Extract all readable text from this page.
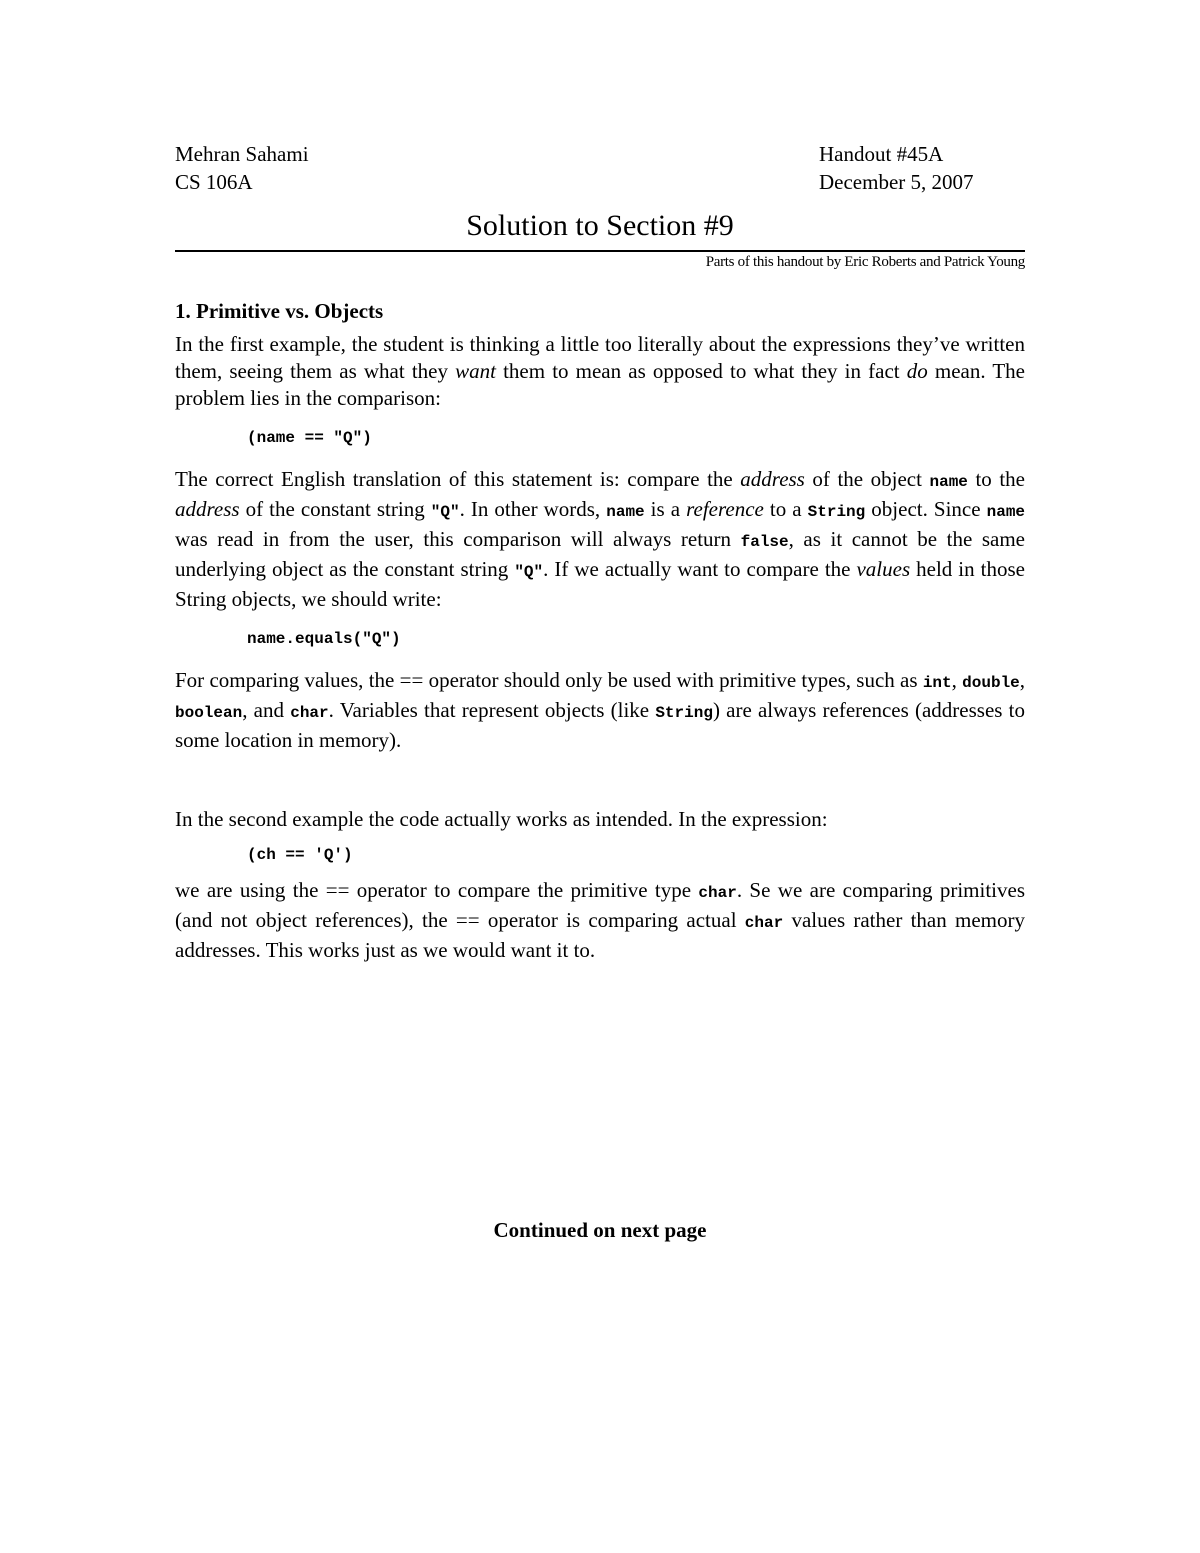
Mehran Sahami	Handout #45A
CS 106A	December 5, 2007
Solution to Section #9
Parts of this handout by Eric Roberts and Patrick Young
1. Primitive vs. Objects

In the first example, the student is thinking a little too literally about the expressions they’ve written them, seeing them as what they want them to mean as opposed to what they in fact do mean. The problem lies in the comparison:

(name == "Q")

The correct English translation of this statement is: compare the address of the object name to the address of the constant string "Q". In other words, name is a reference to a String object. Since name was read in from the user, this comparison will always return false, as it cannot be the same underlying object as the constant string "Q". If we actually want to compare the values held in those String objects, we should write:

name.equals("Q")

For comparing values, the == operator should only be used with primitive types, such as int, double, boolean, and char. Variables that represent objects (like String) are always references (addresses to some location in memory).

In the second example the code actually works as intended. In the expression:

(ch == 'Q')

we are using the == operator to compare the primitive type char. Se we are comparing primitives (and not object references), the == operator is comparing actual char values rather than memory addresses. This works just as we would want it to.

Continued on next page
